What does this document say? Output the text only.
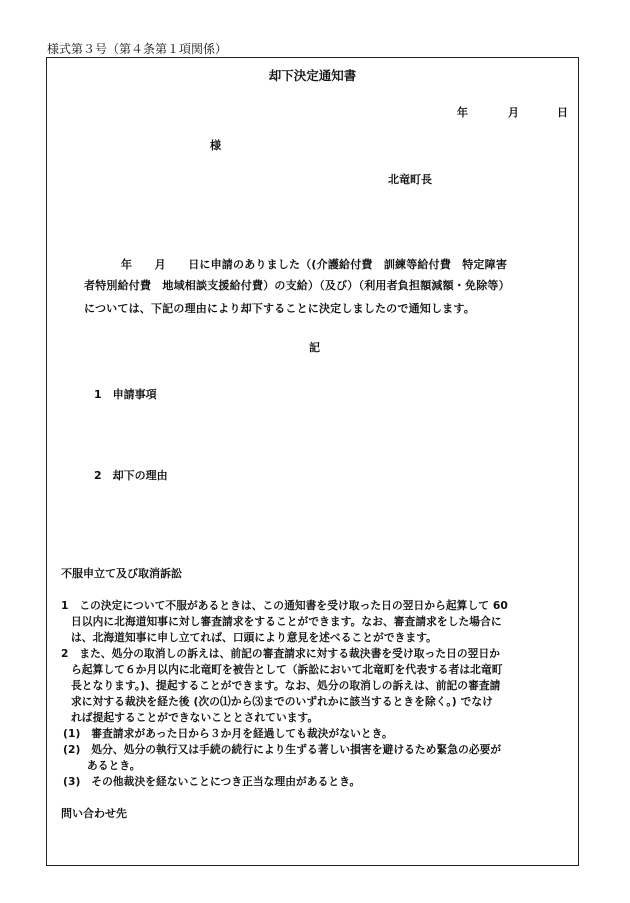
様式第３号（第４条第１項関係）
却下決定通知書
年	月	日
様
北竜町長
年　　月　　日に申請のありました（(介護給付費　訓練等給付費　特定障害
者特別給付費　地域相談支援給付費）の支給）（及び）（利用者負担額減額・免除等）
については、下記の理由により却下することに決定しましたので通知します。
記
1　申請事項
2　却下の理由
不服申立て及び取消訴訟
1　この決定について不服があるときは、この通知書を受け取った日の翌日から起算して 60
日以内に北海道知事に対し審査請求をすることができます。なお、審査請求をした場合に
は、北海道知事に申し立てれば、口頭により意見を述べることができます。
2　また、処分の取消しの訴えは、前記の審査請求に対する裁決書を受け取った日の翌日か
ら起算して６か月以内に北竜町を被告として（訴訟において北竜町を代表する者は北竜町
長となります。)、提起することができます。なお、処分の取消しの訴えは、前記の審査請
求に対する裁決を経た後 (次の⑴から⑶までのいずれかに該当するときを除く。) でなけ
れば提起することができないこととされています。
(1)　審査請求があった日から３か月を経過しても裁決がないとき。
(2)　処分、処分の執行又は手続の続行により生ずる著しい損害を避けるため緊急の必要が
あるとき。
(3)　その他裁決を経ないことにつき正当な理由があるとき。
問い合わせ先
